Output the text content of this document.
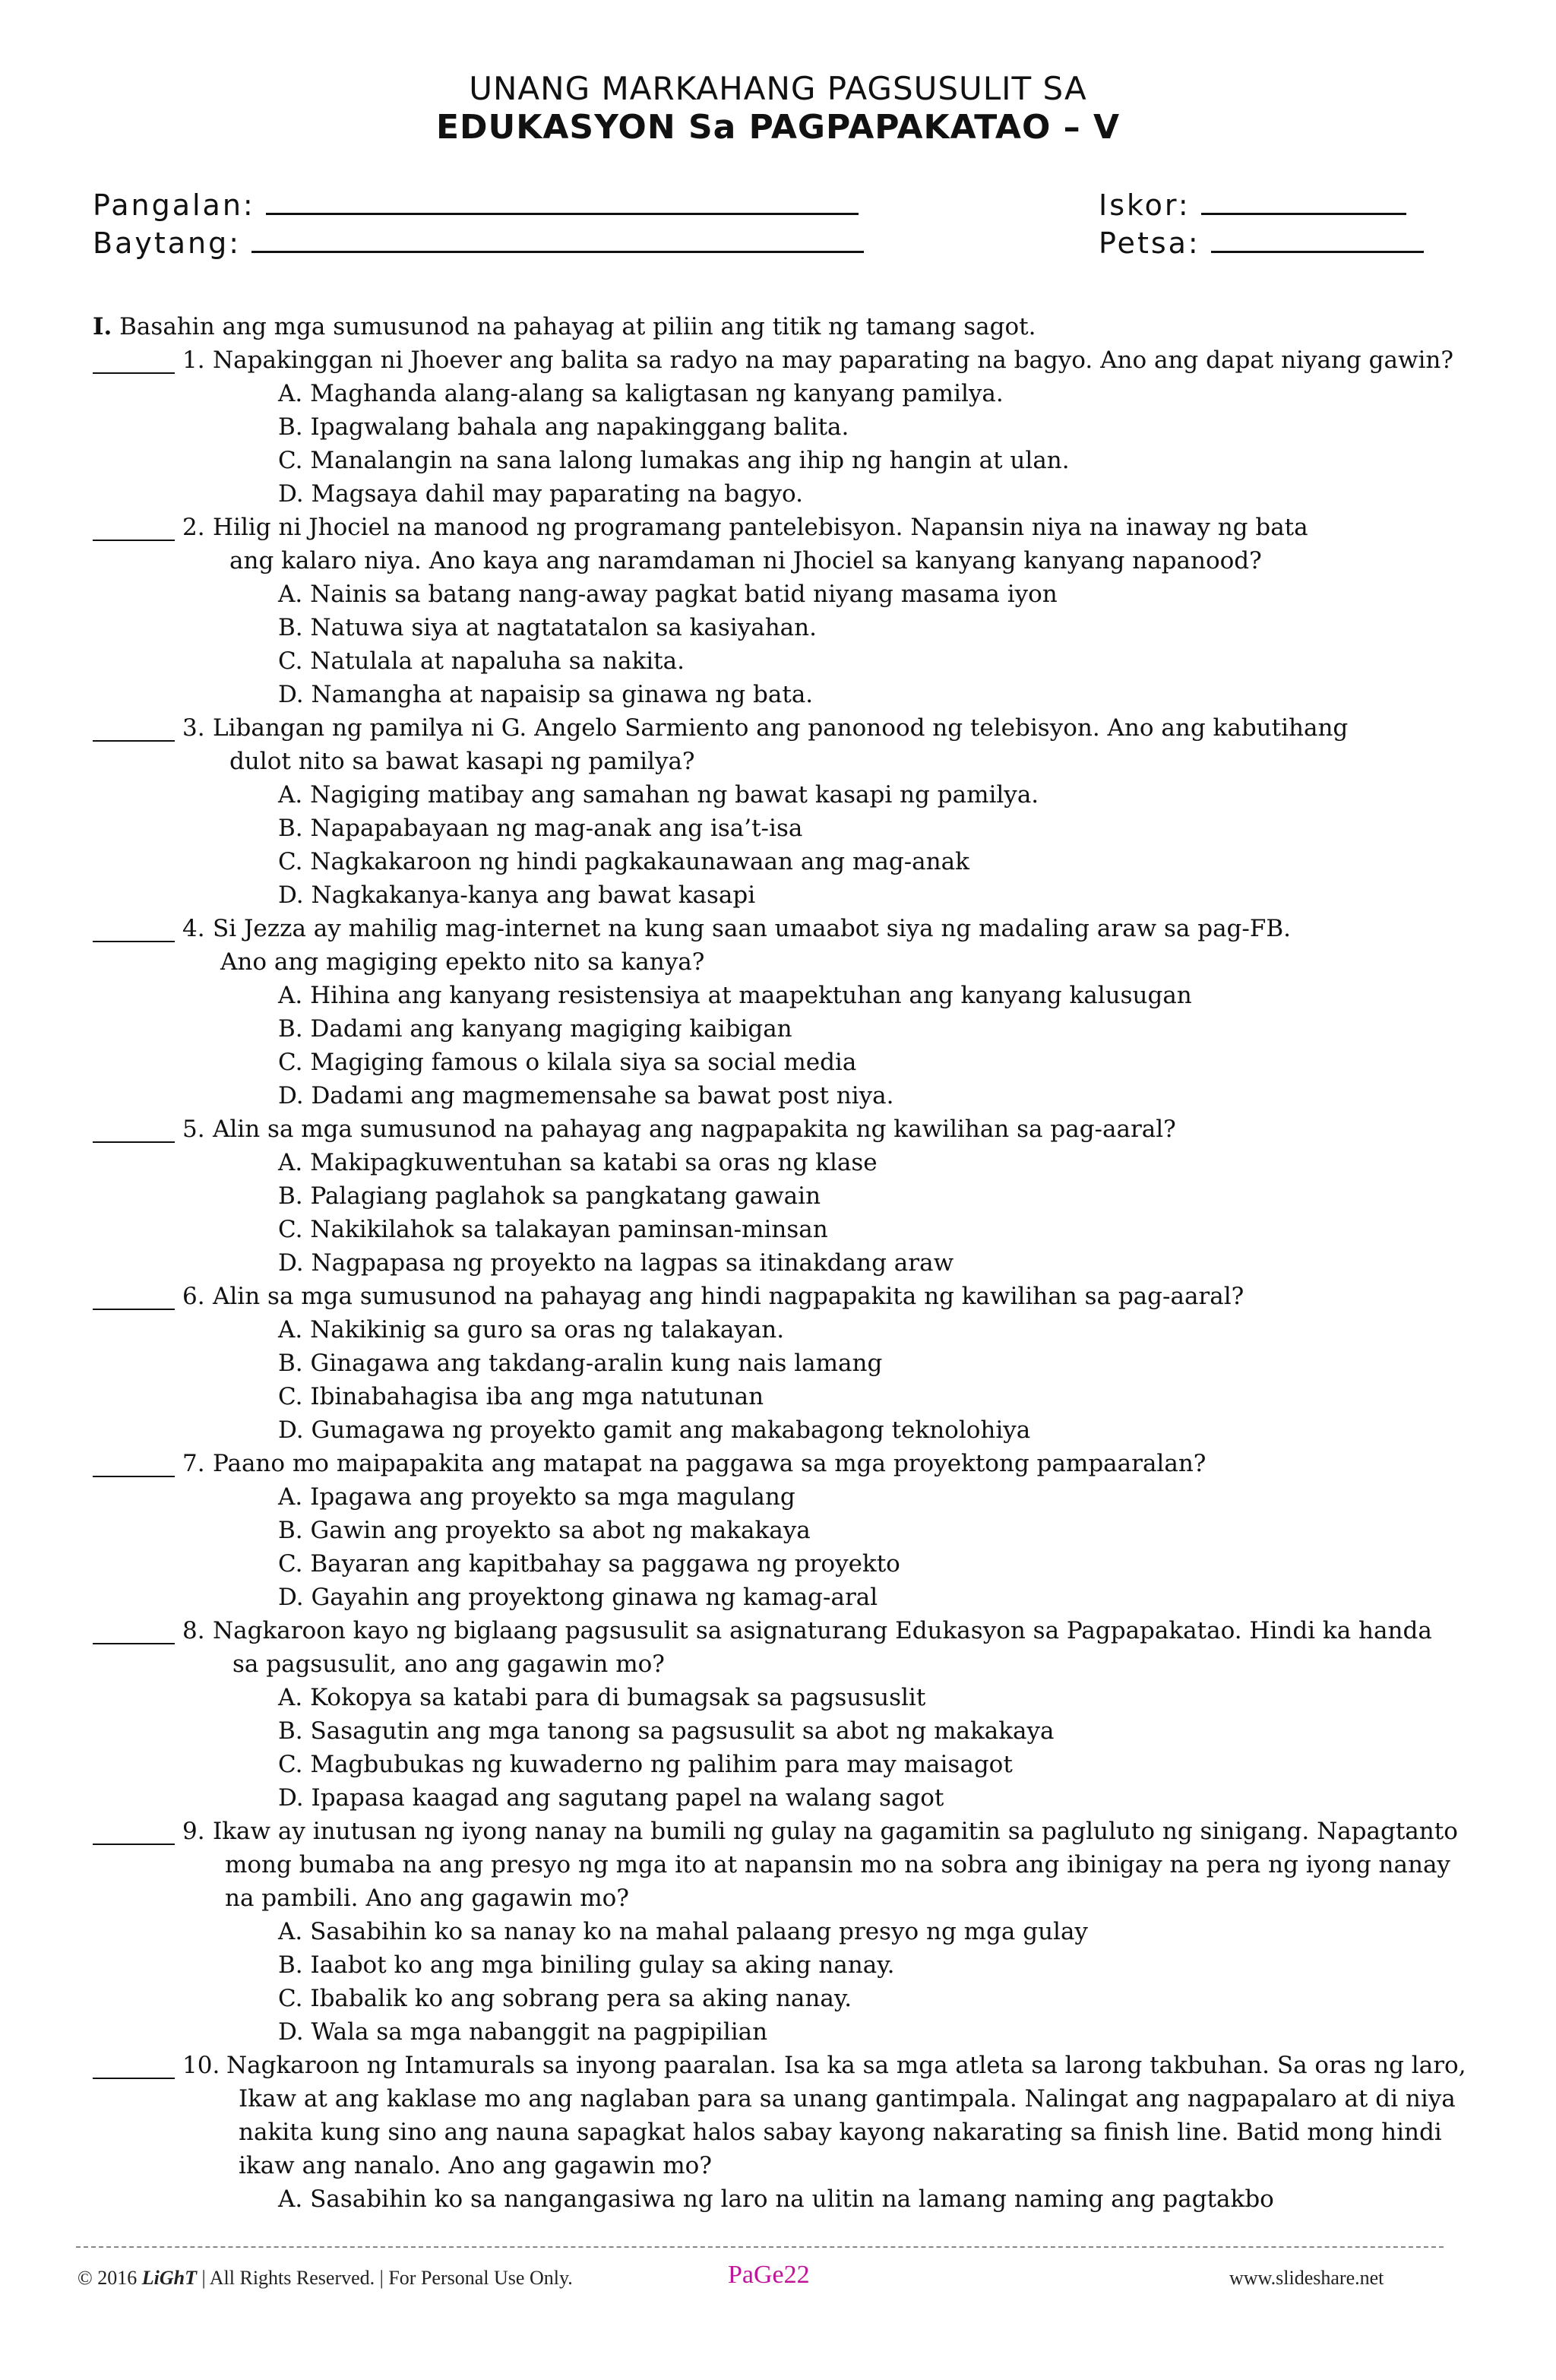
UNANG MARKAHANG PAGSUSULIT SA
EDUKASYON Sa PAGPAPAKATAO – V
Pangalan:
Baytang:
Iskor:
Petsa:
I. Basahin ang mga sumusunod na pahayag at piliin ang titik ng tamang sagot.
1. Napakinggan ni Jhoever ang balita sa radyo na may paparating na bagyo. Ano ang dapat niyang gawin?
A. Maghanda alang-alang sa kaligtasan ng kanyang pamilya.
B. Ipagwalang bahala ang napakinggang balita.
C. Manalangin na sana lalong lumakas ang ihip ng hangin at ulan.
D. Magsaya dahil may paparating na bagyo.
2. Hilig ni Jhociel na manood ng programang pantelebisyon. Napansin niya na inaway ng bata
ang kalaro niya. Ano kaya ang naramdaman ni Jhociel sa kanyang kanyang napanood?
A. Nainis sa batang nang-away pagkat batid niyang masama iyon
B. Natuwa siya at nagtatatalon sa kasiyahan.
C. Natulala at napaluha sa nakita.
D. Namangha at napaisip sa ginawa ng bata.
3. Libangan ng pamilya ni G. Angelo Sarmiento ang panonood ng telebisyon. Ano ang kabutihang
dulot nito sa bawat kasapi ng pamilya?
A. Nagiging matibay ang samahan ng bawat kasapi ng pamilya.
B. Napapabayaan ng mag-anak ang isa’t-isa
C. Nagkakaroon ng hindi pagkakaunawaan ang mag-anak
D. Nagkakanya-kanya ang bawat kasapi
4. Si Jezza ay mahilig mag-internet na kung saan umaabot siya ng madaling araw sa pag-FB.
Ano ang magiging epekto nito sa kanya?
A. Hihina ang kanyang resistensiya at maapektuhan ang kanyang kalusugan
B. Dadami ang kanyang magiging kaibigan
C. Magiging famous o kilala siya sa social media
D. Dadami ang magmemensahe sa bawat post niya.
5. Alin sa mga sumusunod na pahayag ang nagpapakita ng kawilihan sa pag-aaral?
A. Makipagkuwentuhan sa katabi sa oras ng klase
B. Palagiang paglahok sa pangkatang gawain
C. Nakikilahok sa talakayan paminsan-minsan
D. Nagpapasa ng proyekto na lagpas sa itinakdang araw
6. Alin sa mga sumusunod na pahayag ang hindi nagpapakita ng kawilihan sa pag-aaral?
A. Nakikinig sa guro sa oras ng talakayan.
B. Ginagawa ang takdang-aralin kung nais lamang
C. Ibinabahagisa iba ang mga natutunan
D. Gumagawa ng proyekto gamit ang makabagong teknolohiya
7. Paano mo maipapakita ang matapat na paggawa sa mga proyektong pampaaralan?
A. Ipagawa ang proyekto sa mga magulang
B. Gawin ang proyekto sa abot ng makakaya
C. Bayaran ang kapitbahay sa paggawa ng proyekto
D. Gayahin ang proyektong ginawa ng kamag-aral
8. Nagkaroon kayo ng biglaang pagsusulit sa asignaturang Edukasyon sa Pagpapakatao. Hindi ka handa
sa pagsusulit, ano ang gagawin mo?
A. Kokopya sa katabi para di bumagsak sa pagsususlit
B. Sasagutin ang mga tanong sa pagsusulit sa abot ng makakaya
C. Magbubukas ng kuwaderno ng palihim para may maisagot
D. Ipapasa kaagad ang sagutang papel na walang sagot
9. Ikaw ay inutusan ng iyong nanay na bumili ng gulay na gagamitin sa pagluluto ng sinigang. Napagtanto
mong bumaba na ang presyo ng mga ito at napansin mo na sobra ang ibinigay na pera ng iyong nanay
na pambili. Ano ang gagawin mo?
A. Sasabihin ko sa nanay ko na mahal palaang presyo ng mga gulay
B. Iaabot ko ang mga biniling gulay sa aking nanay.
C. Ibabalik ko ang sobrang pera sa aking nanay.
D. Wala sa mga nabanggit na pagpipilian
10. Nagkaroon ng Intamurals sa inyong paaralan. Isa ka sa mga atleta sa larong takbuhan. Sa oras ng laro,
Ikaw at ang kaklase mo ang naglaban para sa unang gantimpala. Nalingat ang nagpapalaro at di niya
nakita kung sino ang nauna sapagkat halos sabay kayong nakarating sa finish line. Batid mong hindi
ikaw ang nanalo. Ano ang gagawin mo?
A. Sasabihin ko sa nangangasiwa ng laro na ulitin na lamang naming ang pagtakbo
© 2016 LiGhT | All Rights Reserved. | For Personal Use Only.	PaGe22	www.slideshare.net
